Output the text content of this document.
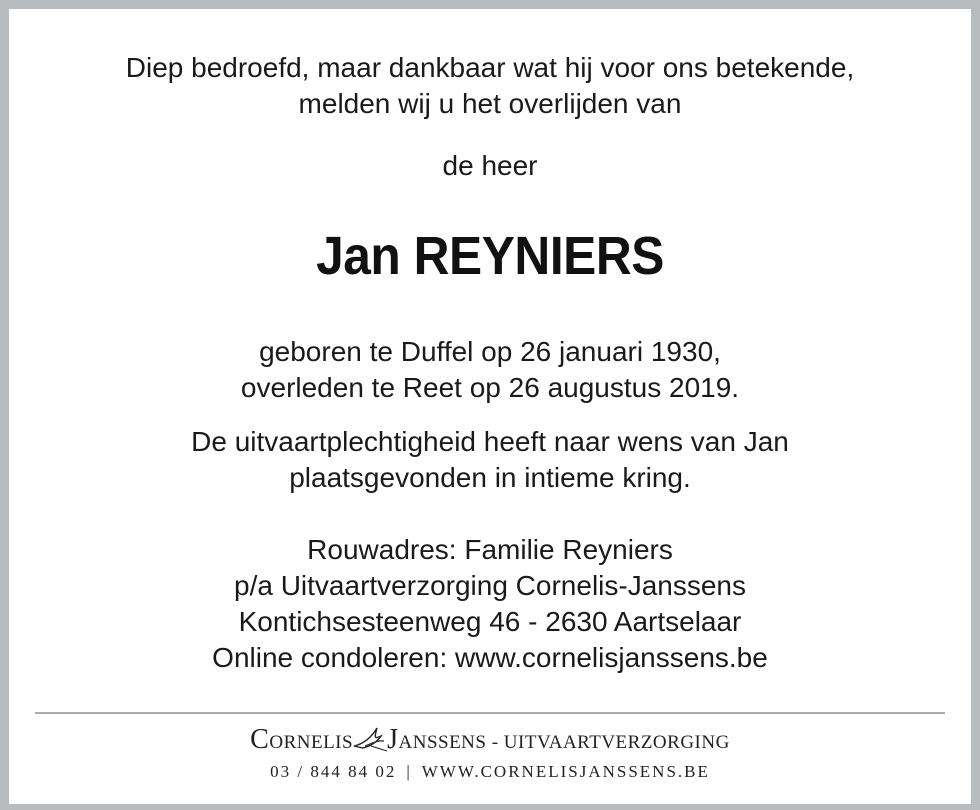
Diep bedroefd, maar dankbaar wat hij voor ons betekende,
melden wij u het overlijden van
de heer
Jan REYNIERS
geboren te Duffel op 26 januari 1930,
overleden te Reet op 26 augustus 2019.
De uitvaartplechtigheid heeft naar wens van Jan
plaatsgevonden in intieme kring.
Rouwadres: Familie Reyniers
p/a Uitvaartverzorging Cornelis-Janssens
Kontichsesteenweg 46 - 2630 Aartselaar
Online condoleren: www.cornelisjanssens.be
CORNELIS JANSSENS - UITVAARTVERZORGING
03 / 844 84 02 | WWW.CORNELISJANSSENS.BE
